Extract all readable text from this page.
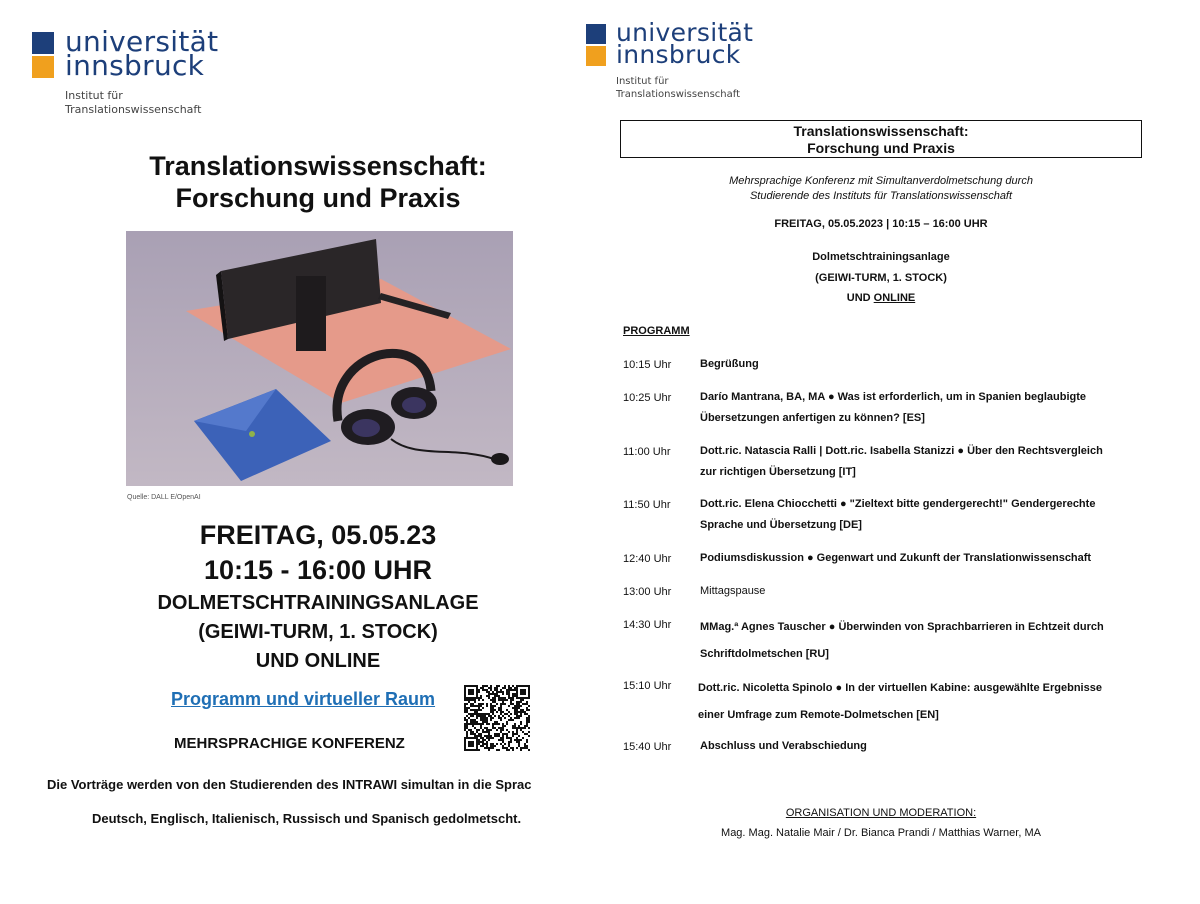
universität
innsbruck
Institut für
Translationswissenschaft
Translationswissenschaft:
Forschung und Praxis
Quelle: DALL E/OpenAI
FREITAG, 05.05.23
10:15 - 16:00 UHR
DOLMETSCHTRAININGSANLAGE
(GEIWI-TURM, 1. STOCK)
UND ONLINE
Programm und virtueller Raum
MEHRSPRACHIGE KONFERENZ
Die Vorträge werden von den Studierenden des INTRAWI simultan in die Sprac
Deutsch, Englisch, Italienisch, Russisch und Spanisch gedolmetscht.
universität
innsbruck
Institut für
Translationswissenschaft
Translationswissenschaft:
Forschung und Praxis
Mehrsprachige Konferenz mit Simultanverdolmetschung durch
Studierende des Instituts für Translationswissenschaft
FREITAG, 05.05.2023 | 10:15 – 16:00 UHR
Dolmetschtrainingsanlage
(GEIWI-TURM, 1. STOCK)
UND ONLINE
PROGRAMM
10:15 Uhr	Begrüßung
10:25 Uhr	Darío Mantrana, BA, MA ● Was ist erforderlich, um in Spanien beglaubigte
Übersetzungen anfertigen zu können? [ES]
11:00 Uhr	Dott.ric. Natascia Ralli | Dott.ric. Isabella Stanizzi ● Über den Rechtsvergleich
zur richtigen Übersetzung [IT]
11:50 Uhr	Dott.ric. Elena Chiocchetti ● "Zieltext bitte gendergerecht!" Gendergerechte
Sprache und Übersetzung [DE]
12:40 Uhr	Podiumsdiskussion ● Gegenwart und Zukunft der Translationwissenschaft
13:00 Uhr	Mittagspause
14:30 Uhr	MMag.ª Agnes Tauscher ● Überwinden von Sprachbarrieren in Echtzeit durch
Schriftdolmetschen [RU]
15:10 Uhr Dott.ric. Nicoletta Spinolo ● In der virtuellen Kabine: ausgewählte Ergebnisse
einer Umfrage zum Remote-Dolmetschen [EN]
15:40 Uhr	Abschluss und Verabschiedung
ORGANISATION UND MODERATION:
Mag. Mag. Natalie Mair / Dr. Bianca Prandi / Matthias Warner, MA
